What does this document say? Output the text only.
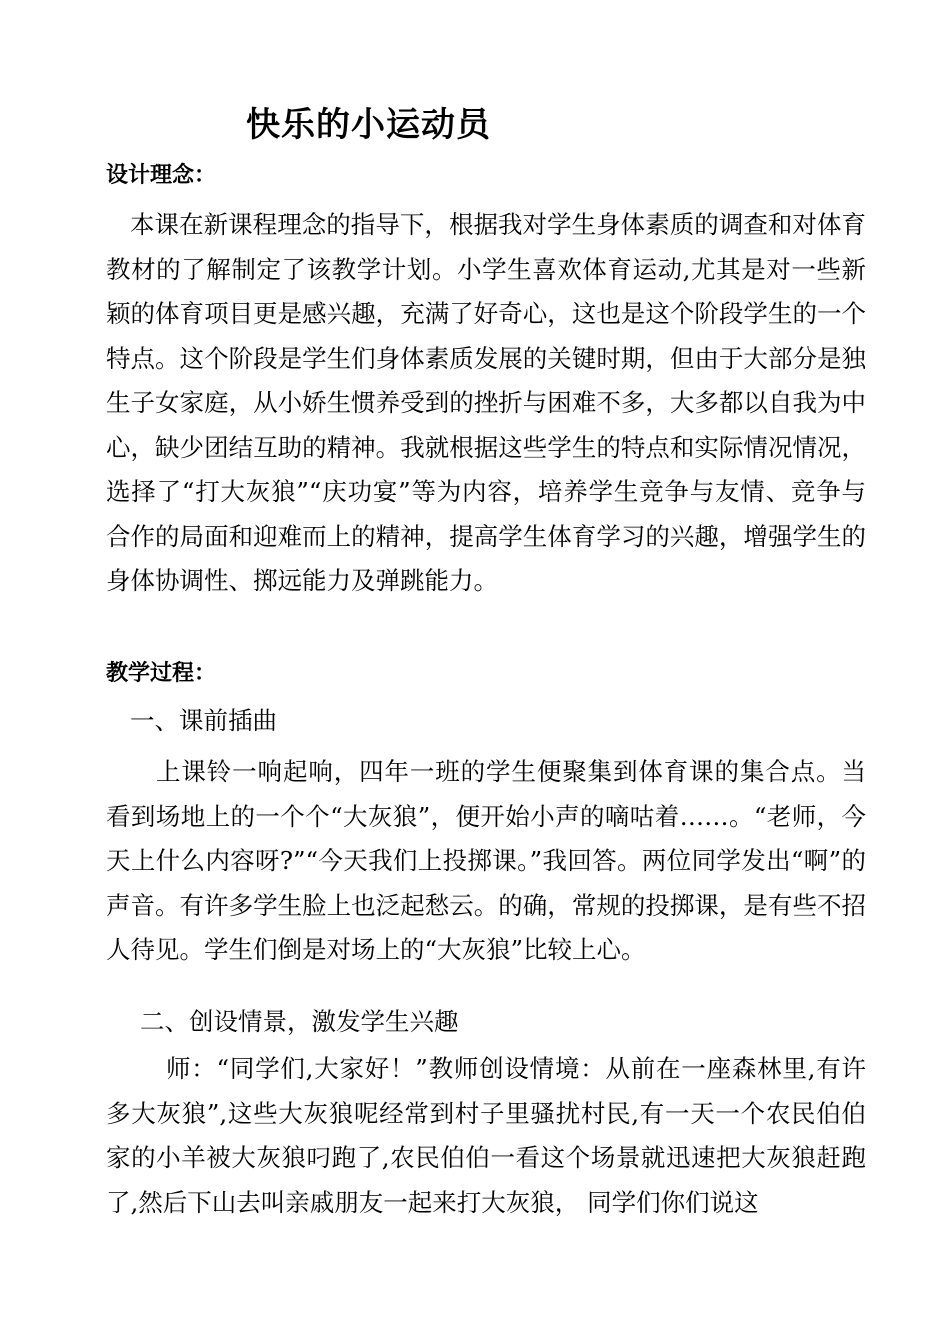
快乐的小运动员
设计理念：

本课在新课程理念的指导下，根据我对学生身体素质的调查和对体育教材的了解制定了该教学计划。小学生喜欢体育运动,尤其是对一些新颖的体育项目更是感兴趣，充满了好奇心，这也是这个阶段学生的一个特点。这个阶段是学生们身体素质发展的关键时期，但由于大部分是独生子女家庭，从小娇生惯养受到的挫折与困难不多，大多都以自我为中心，缺少团结互助的精神。我就根据这些学生的特点和实际情况情况，选择了“打大灰狼”“庆功宴”等为内容，培养学生竞争与友情、竞争与合作的局面和迎难而上的精神，提高学生体育学习的兴趣，增强学生的身体协调性、掷远能力及弹跳能力。

教学过程：
一、课前插曲

上课铃一响起响，四年一班的学生便聚集到体育课的集合点。当看到场地上的一个个“大灰狼”，便开始小声的嘀咕着……。“老师，今天上什么内容呀?”“今天我们上投掷课。”我回答。两位同学发出“啊”的声音。有许多学生脸上也泛起愁云。的确，常规的投掷课，是有些不招人待见。学生们倒是对场上的“大灰狼”比较上心。

二、创设情景，激发学生兴趣

师：“同学们,大家好！”教师创设情境：从前在一座森林里,有许多大灰狼”,这些大灰狼呢经常到村子里骚扰村民,有一天一个农民伯伯家的小羊被大灰狼叼跑了,农民伯伯一看这个场景就迅速把大灰狼赶跑了,然后下山去叫亲戚朋友一起来打大灰狼， 同学们你们说这
